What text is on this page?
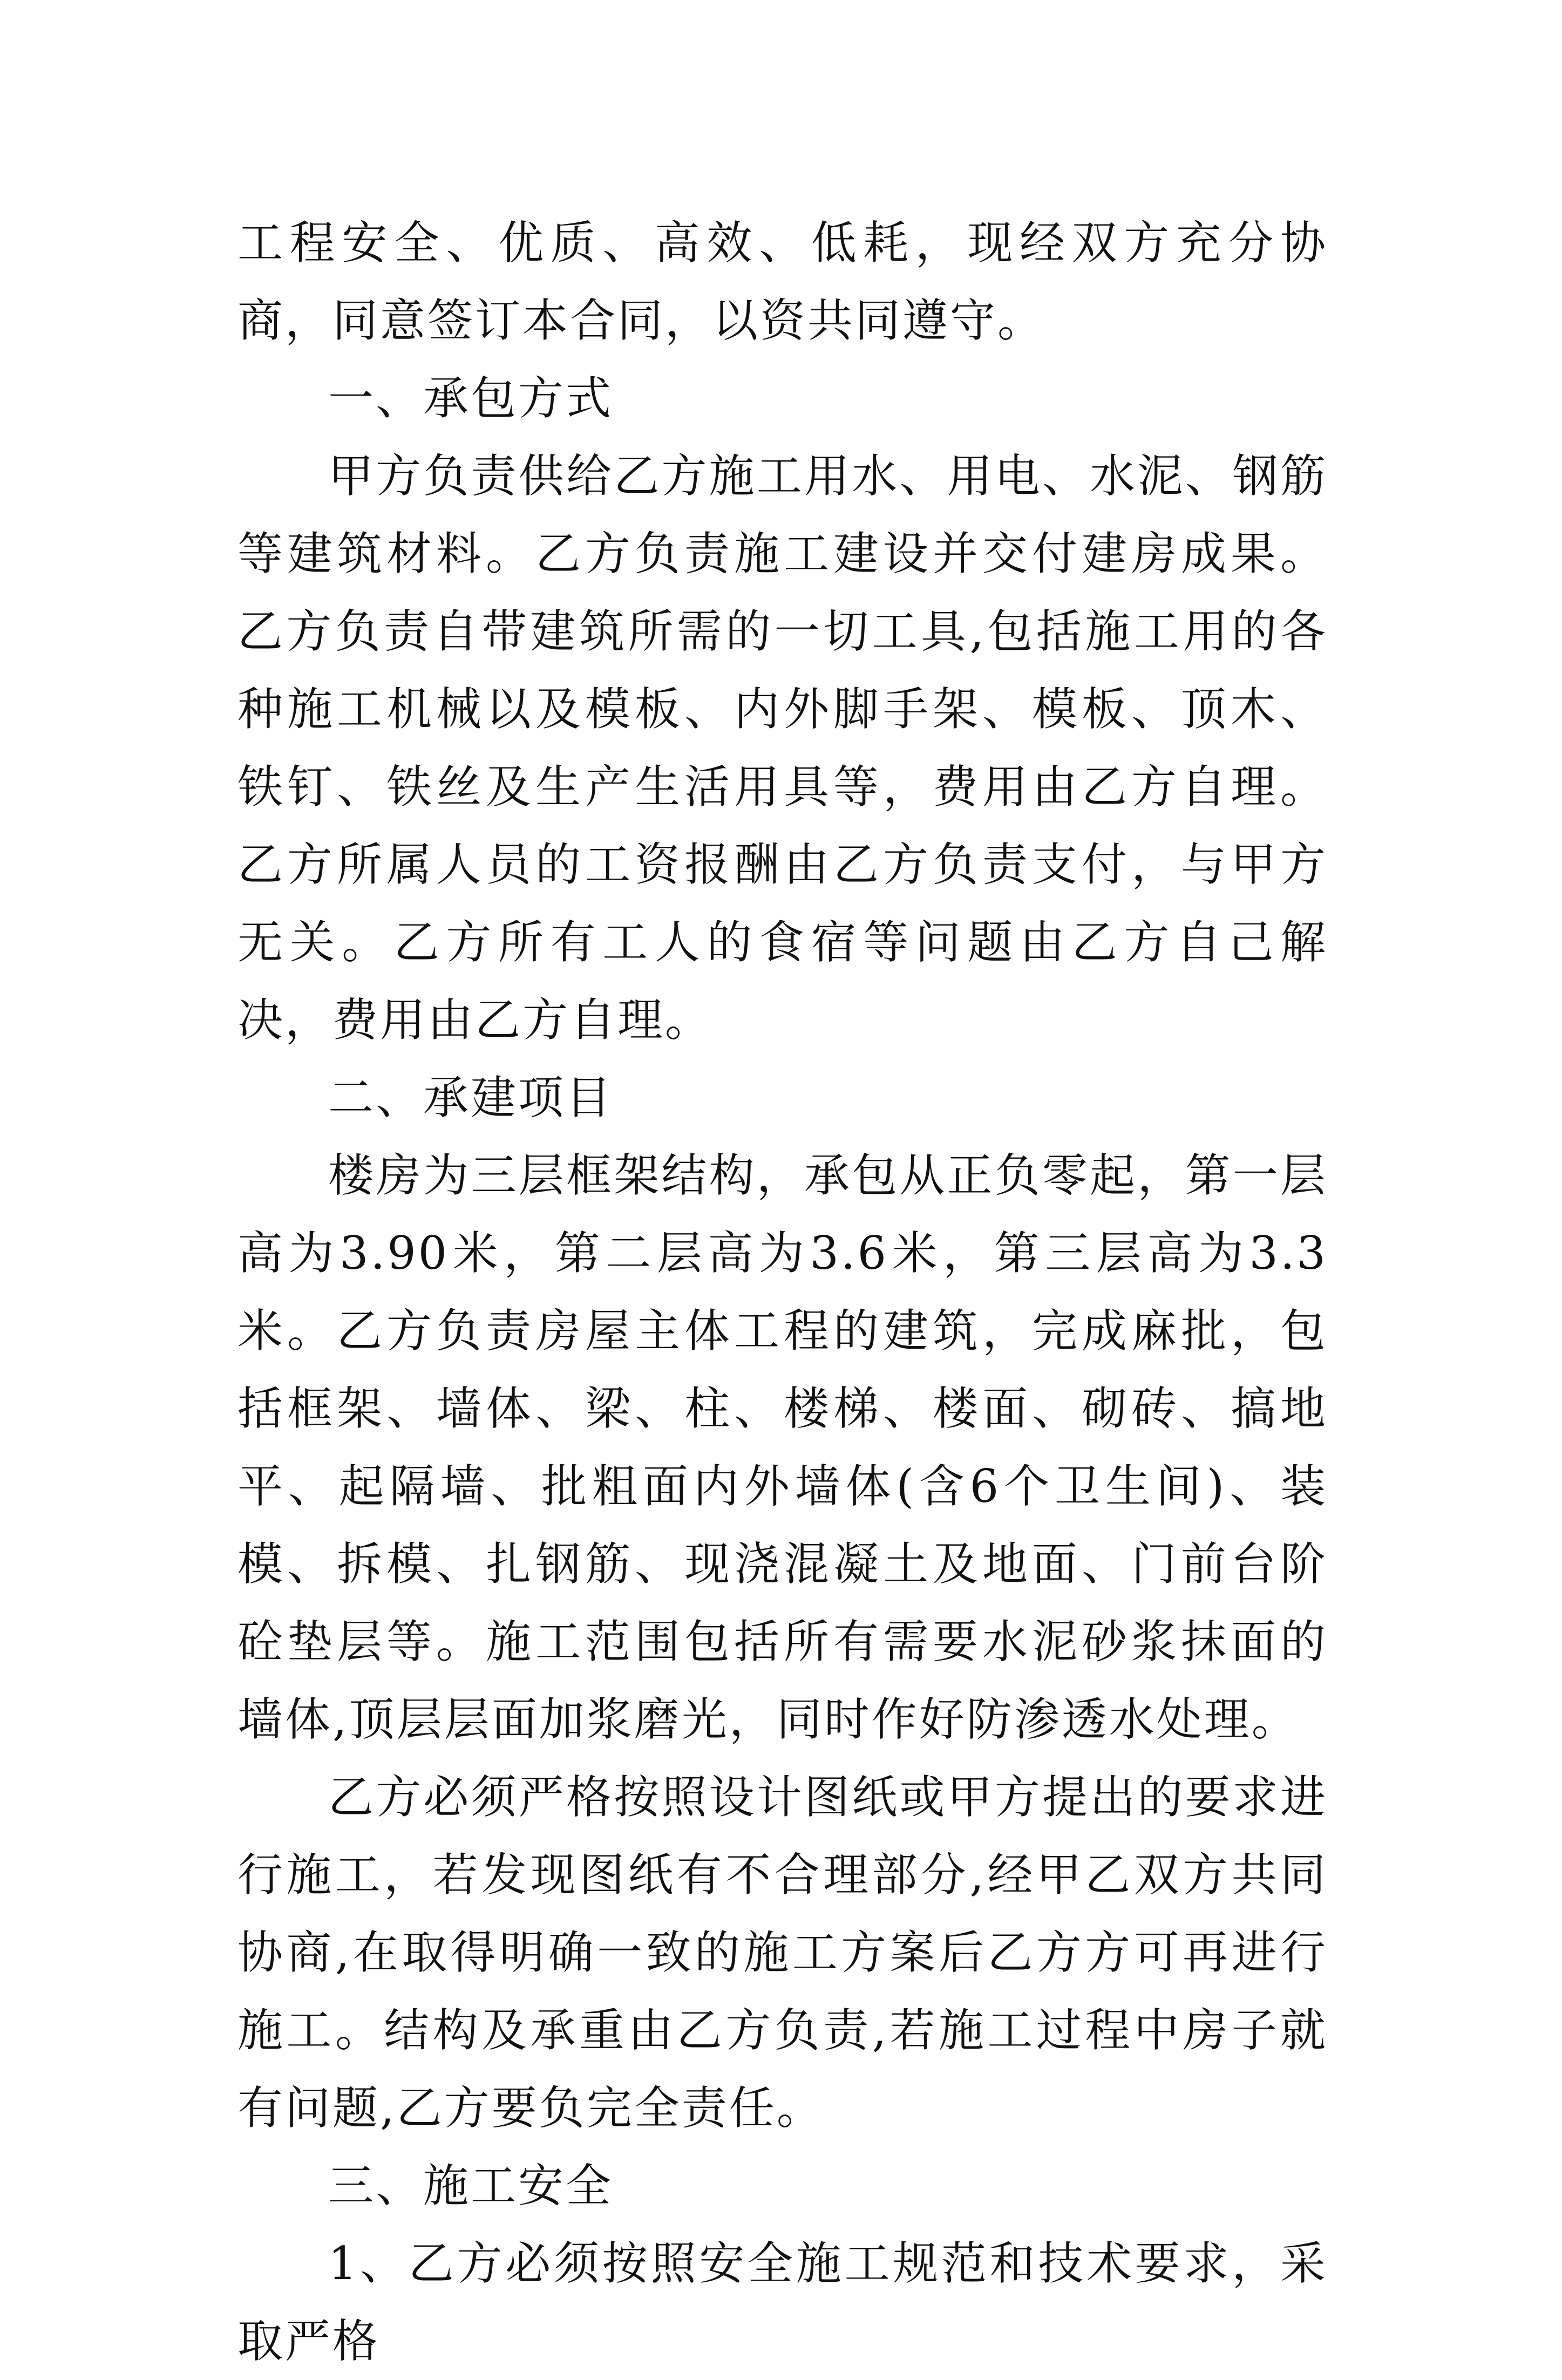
工程安全、优质、高效、低耗，现经双方充分协商，同意签订本合同，以资共同遵守。

一、承包方式

甲方负责供给乙方施工用水、用电、水泥、钢筋等建筑材料。乙方负责施工建设并交付建房成果。乙方负责自带建筑所需的一切工具,包括施工用的各种施工机械以及模板、内外脚手架、模板、顶木、铁钉、铁丝及生产生活用具等，费用由乙方自理。乙方所属人员的工资报酬由乙方负责支付，与甲方无关。乙方所有工人的食宿等问题由乙方自己解决，费用由乙方自理。

二、承建项目

楼房为三层框架结构，承包从正负零起，第一层高为3.90米，第二层高为3.6米，第三层高为3.3米。乙方负责房屋主体工程的建筑，完成麻批，包括框架、墙体、梁、柱、楼梯、楼面、砌砖、搞地平、起隔墙、批粗面内外墙体(含6个卫生间)、装模、拆模、扎钢筋、现浇混凝土及地面、门前台阶砼垫层等。施工范围包括所有需要水泥砂浆抹面的墙体,顶层层面加浆磨光，同时作好防渗透水处理。

乙方必须严格按照设计图纸或甲方提出的要求进行施工，若发现图纸有不合理部分,经甲乙双方共同协商,在取得明确一致的施工方案后乙方方可再进行施工。结构及承重由乙方负责,若施工过程中房子就有问题,乙方要负完全责任。

三、施工安全

1、乙方必须按照安全施工规范和技术要求，采取严格
